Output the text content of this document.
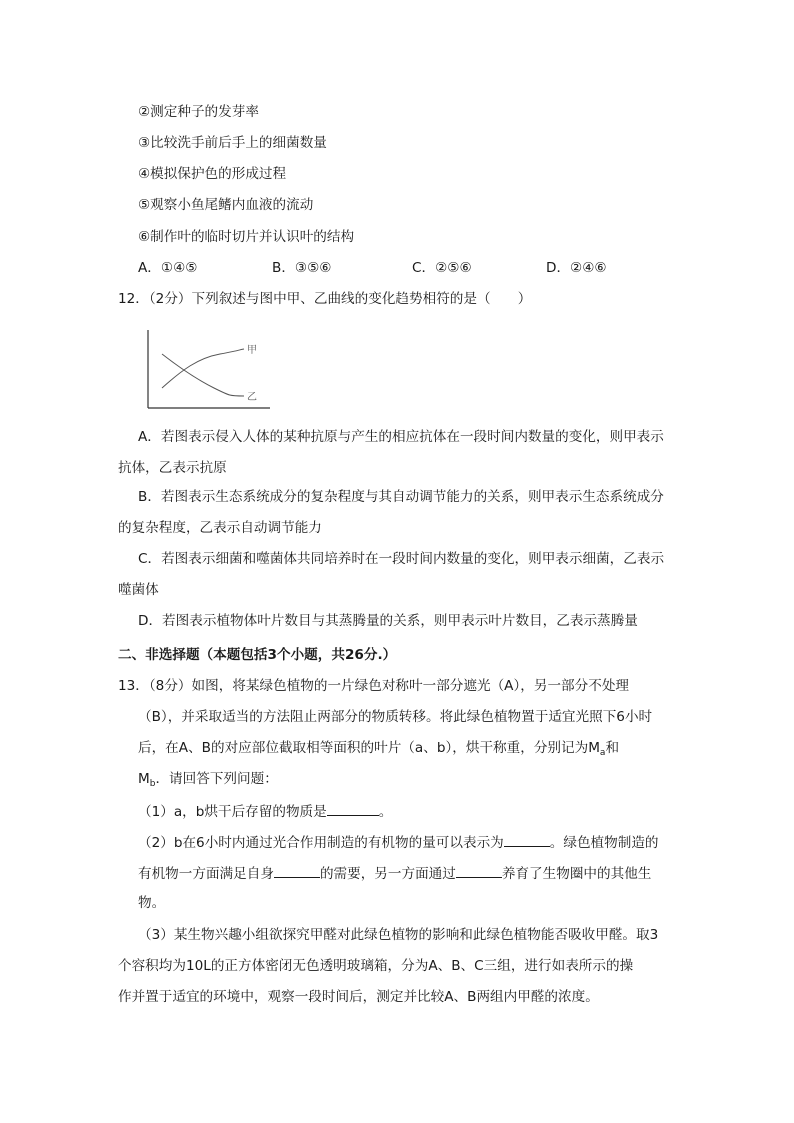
②测定种子的发芽率
③比较洗手前后手上的细菌数量
④模拟保护色的形成过程
⑤观察小鱼尾鳍内血液的流动
⑥制作叶的临时切片并认识叶的结构
A．①④⑤	B．③⑤⑥	C．②⑤⑥	D．②④⑥
12．（2分）下列叙述与图中甲、乙曲线的变化趋势相符的是（　　）
甲
乙
A．若图表示侵入人体的某种抗原与产生的相应抗体在一段时间内数量的变化，则甲表示
抗体，乙表示抗原
B．若图表示生态系统成分的复杂程度与其自动调节能力的关系，则甲表示生态系统成分
的复杂程度，乙表示自动调节能力
C．若图表示细菌和噬菌体共同培养时在一段时间内数量的变化，则甲表示细菌，乙表示
噬菌体
D．若图表示植物体叶片数目与其蒸腾量的关系，则甲表示叶片数目，乙表示蒸腾量
二、非选择题（本题包括3个小题，共26分.）
13．（8分）如图，将某绿色植物的一片绿色对称叶一部分遮光（A），另一部分不处理
（B），并采取适当的方法阻止两部分的物质转移。将此绿色植物置于适宜光照下6小时
后，在A、B的对应部位截取相等面积的叶片（a、b），烘干称重，分别记为$M_a$和
$M_b$．请回答下列问题：
（1）a，b烘干后存留的物质是	。
（2）b在6小时内通过光合作用制造的有机物的量可以表示为	。绿色植物制造的
有机物一方面满足自身	的需要，另一方面通过	养育了生物圈中的其他生
物。
（3）某生物兴趣小组欲探究甲醛对此绿色植物的影响和此绿色植物能否吸收甲醛。取3
个容积均为10L的正方体密闭无色透明玻璃箱，分为A、B、C三组，进行如表所示的操
作并置于适宜的环境中，观察一段时间后，测定并比较A、B两组内甲醛的浓度。
